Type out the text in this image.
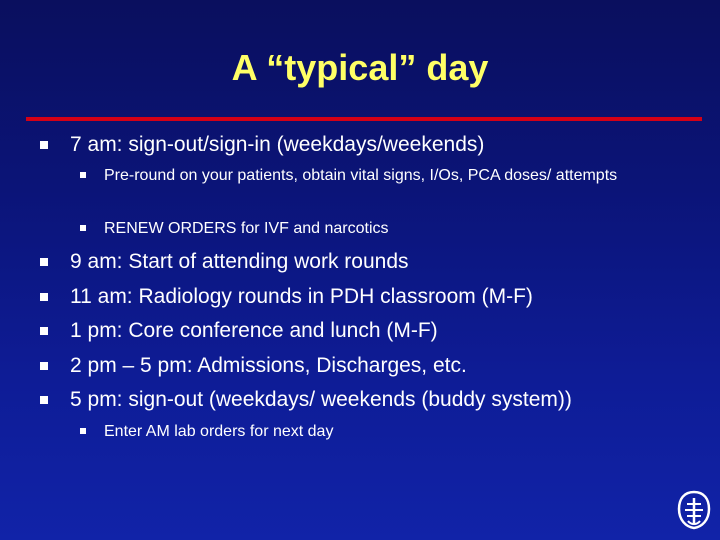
A “typical” day
7 am: sign-out/sign-in (weekdays/weekends)
Pre-round on your patients, obtain vital signs, I/Os, PCA doses/ attempts
RENEW ORDERS for IVF and narcotics
9 am: Start of attending work rounds
11 am: Radiology rounds in PDH classroom (M-F)
1 pm: Core conference and lunch (M-F)
2 pm – 5 pm: Admissions, Discharges, etc.
5 pm: sign-out (weekdays/ weekends (buddy system))
Enter AM lab orders for next day
